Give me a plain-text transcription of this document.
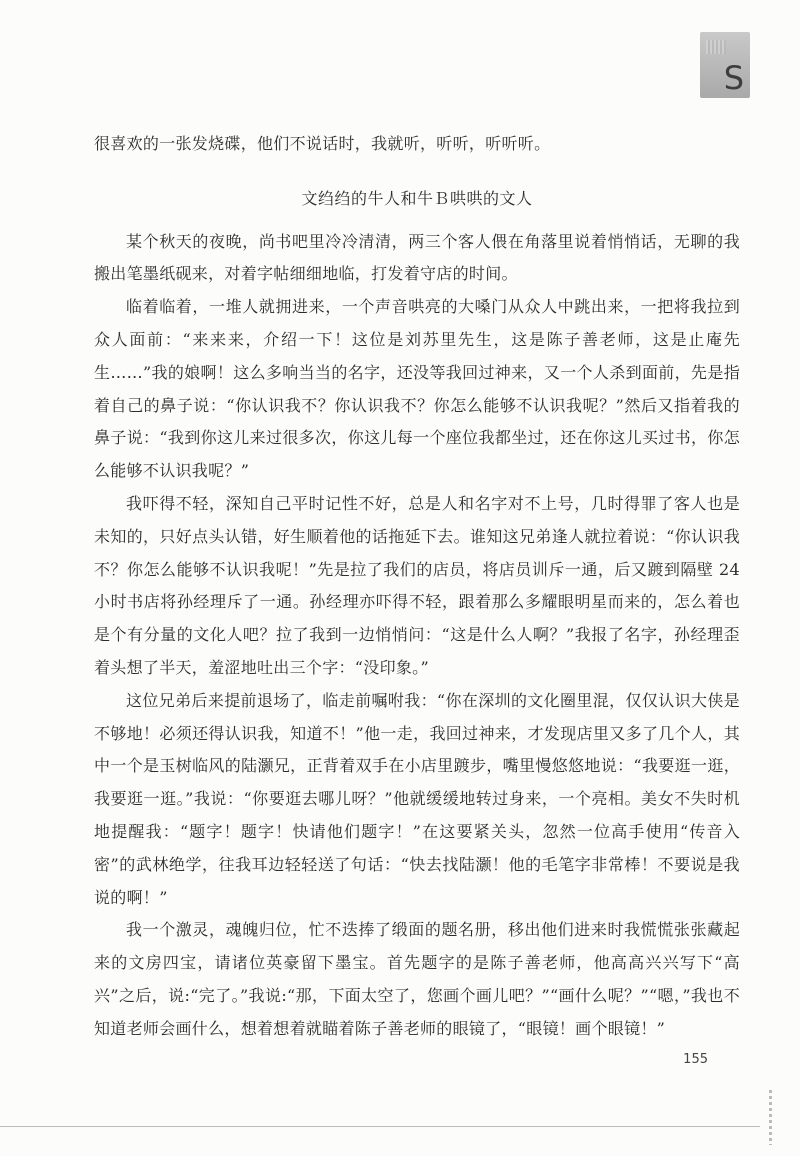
S

很喜欢的一张发烧碟，他们不说话时，我就听，听听，听听听。

文绉绉的牛人和牛Ｂ哄哄的文人

某个秋天的夜晚，尚书吧里冷冷清清，两三个客人偎在角落里说着悄悄话，无聊的我搬出笔墨纸砚来，对着字帖细细地临，打发着守店的时间。

临着临着，一堆人就拥进来，一个声音哄亮的大嗓门从众人中跳出来，一把将我拉到众人面前：“来来来，介绍一下！这位是刘苏里先生，这是陈子善老师，这是止庵先生……”我的娘啊！这么多响当当的名字，还没等我回过神来，又一个人杀到面前，先是指着自己的鼻子说：“你认识我不？你认识我不？你怎么能够不认识我呢？”然后又指着我的鼻子说：“我到你这儿来过很多次，你这儿每一个座位我都坐过，还在你这儿买过书，你怎么能够不认识我呢？”

我吓得不轻，深知自己平时记性不好，总是人和名字对不上号，几时得罪了客人也是未知的，只好点头认错，好生顺着他的话拖延下去。谁知这兄弟逢人就拉着说：“你认识我不？你怎么能够不认识我呢！”先是拉了我们的店员，将店员训斥一通，后又踱到隔壁 24 小时书店将孙经理斥了一通。孙经理亦吓得不轻，跟着那么多耀眼明星而来的，怎么着也是个有分量的文化人吧？拉了我到一边悄悄问：“这是什么人啊？”我报了名字，孙经理歪着头想了半天，羞涩地吐出三个字：“没印象。”

这位兄弟后来提前退场了，临走前嘱咐我：“你在深圳的文化圈里混，仅仅认识大侠是不够地！必须还得认识我，知道不！”他一走，我回过神来，才发现店里又多了几个人，其中一个是玉树临风的陆灏兄，正背着双手在小店里踱步，嘴里慢悠悠地说：“我要逛一逛，我要逛一逛。”我说：“你要逛去哪儿呀？”他就缓缓地转过身来，一个亮相。美女不失时机地提醒我：“题字！题字！快请他们题字！”在这要紧关头，忽然一位高手使用“传音入密”的武林绝学，往我耳边轻轻送了句话：“快去找陆灏！他的毛笔字非常棒！不要说是我说的啊！”

我一个激灵，魂魄归位，忙不迭捧了缎面的题名册，移出他们进来时我慌慌张张藏起来的文房四宝，请诸位英豪留下墨宝。首先题字的是陈子善老师，他高高兴兴写下“高兴”之后，说:“完了。”我说:“那，下面太空了，您画个画儿吧？”“画什么呢？”“嗯，”我也不知道老师会画什么，想着想着就瞄着陈子善老师的眼镜了，“眼镜！画个眼镜！”

155
